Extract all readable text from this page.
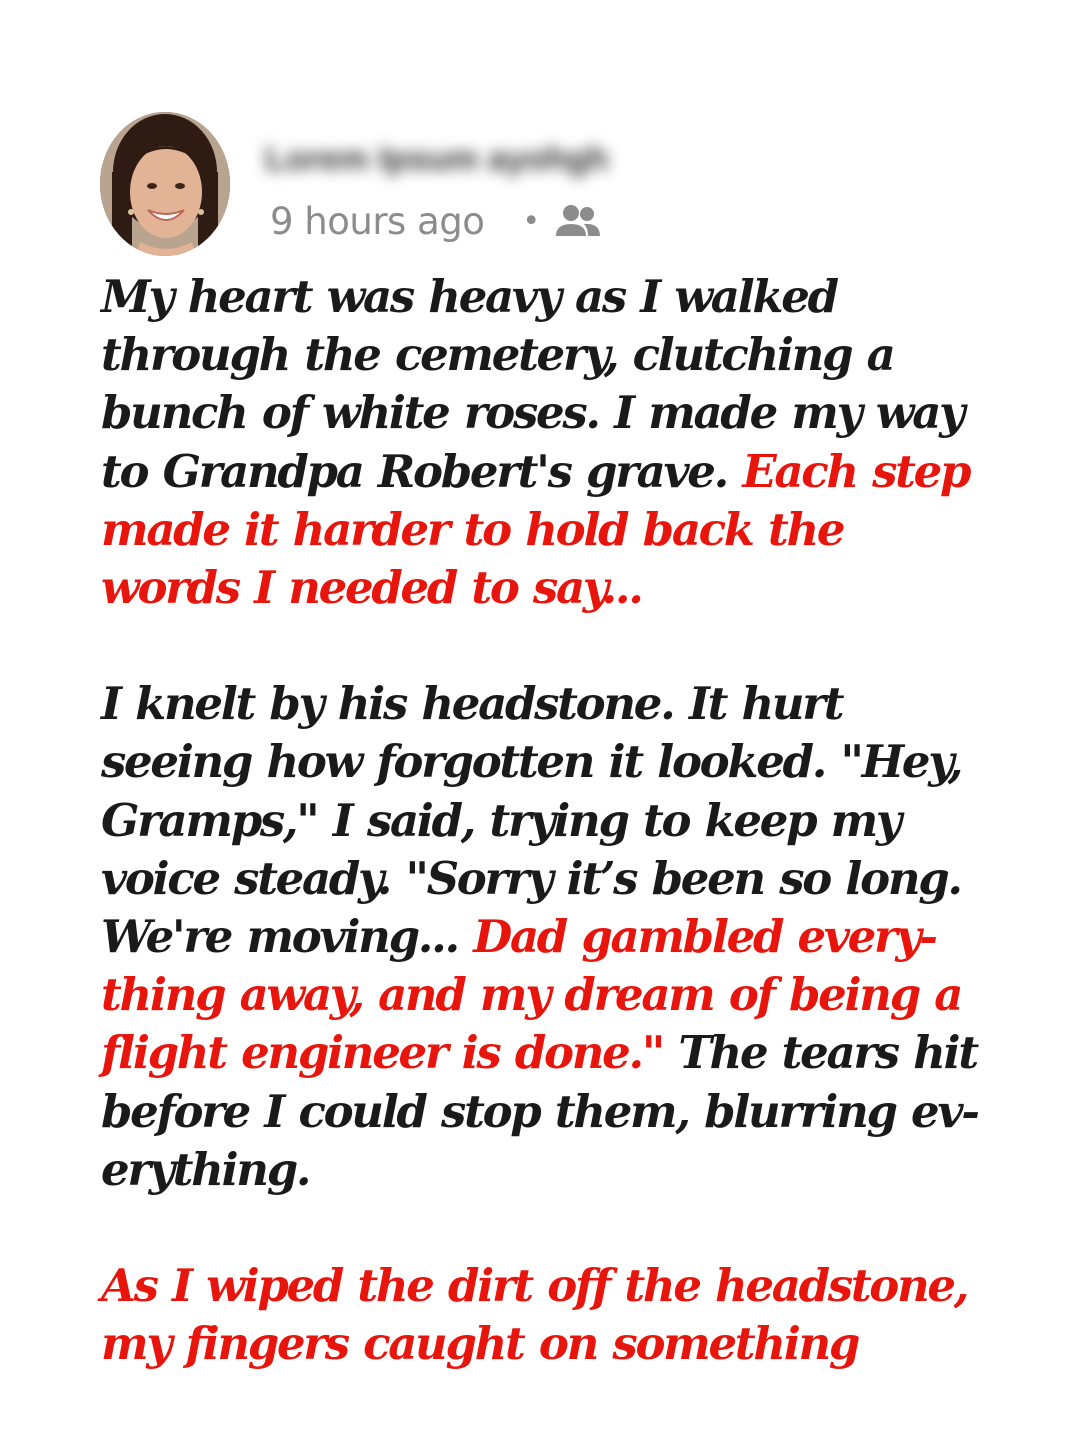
Lorem Ipsum ayohgh
9 hours ago •

My heart was heavy as I walked through the cemetery, clutching a bunch of white roses. I made my way to Grandpa Robert's grave. Each step made it harder to hold back the words I needed to say...

I knelt by his headstone. It hurt seeing how forgotten it looked. "Hey, Gramps," I said, trying to keep my voice steady. "Sorry it’s been so long. We're moving... Dad gambled every-thing away, and my dream of being a flight engineer is done." The tears hit before I could stop them, blurring ev-erything.

As I wiped the dirt off the headstone, my fingers caught on something
